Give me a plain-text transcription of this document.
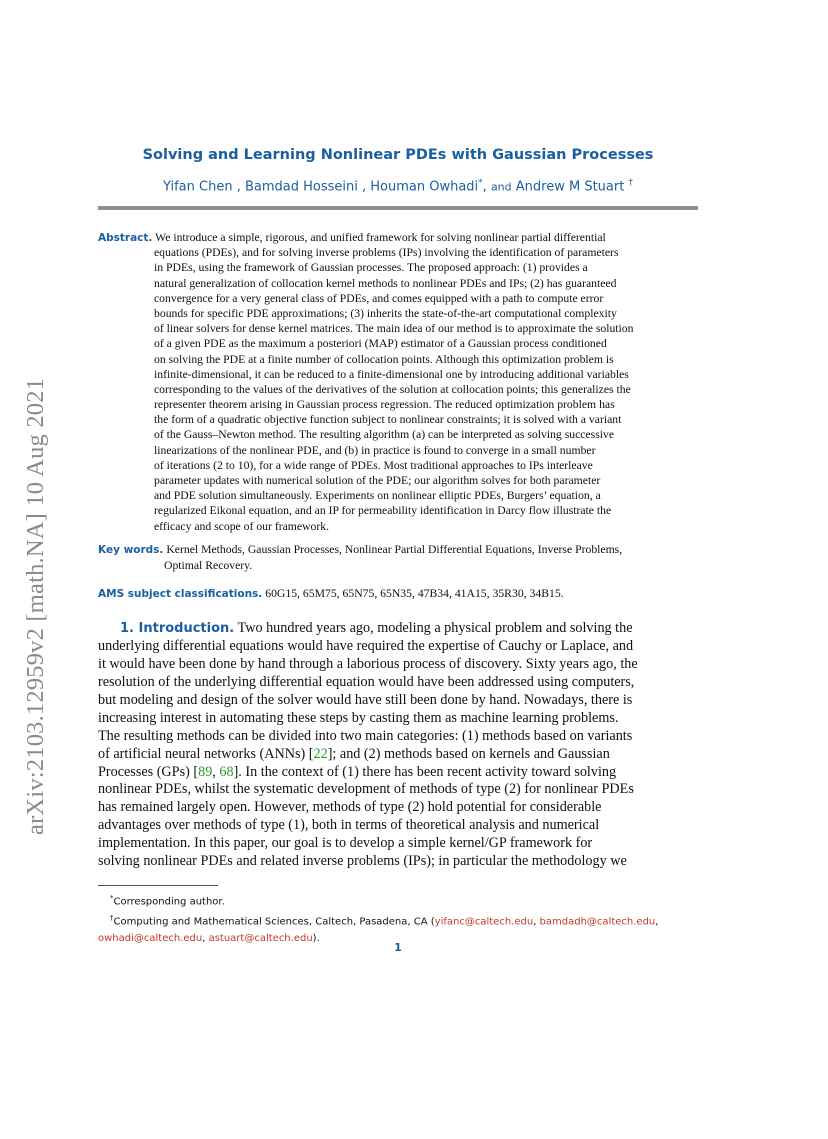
arXiv:2103.12959v2 [math.NA] 10 Aug 2021
Solving and Learning Nonlinear PDEs with Gaussian Processes
Yifan Chen , Bamdad Hosseini , Houman Owhadi*, and Andrew M Stuart †
Abstract. We introduce a simple, rigorous, and unified framework for solving nonlinear partial differential
equations (PDEs), and for solving inverse problems (IPs) involving the identification of parameters
in PDEs, using the framework of Gaussian processes. The proposed approach: (1) provides a
natural generalization of collocation kernel methods to nonlinear PDEs and IPs; (2) has guaranteed
convergence for a very general class of PDEs, and comes equipped with a path to compute error
bounds for specific PDE approximations; (3) inherits the state-of-the-art computational complexity
of linear solvers for dense kernel matrices. The main idea of our method is to approximate the solution
of a given PDE as the maximum a posteriori (MAP) estimator of a Gaussian process conditioned
on solving the PDE at a finite number of collocation points. Although this optimization problem is
infinite-dimensional, it can be reduced to a finite-dimensional one by introducing additional variables
corresponding to the values of the derivatives of the solution at collocation points; this generalizes the
representer theorem arising in Gaussian process regression. The reduced optimization problem has
the form of a quadratic objective function subject to nonlinear constraints; it is solved with a variant
of the Gauss–Newton method. The resulting algorithm (a) can be interpreted as solving successive
linearizations of the nonlinear PDE, and (b) in practice is found to converge in a small number
of iterations (2 to 10), for a wide range of PDEs. Most traditional approaches to IPs interleave
parameter updates with numerical solution of the PDE; our algorithm solves for both parameter
and PDE solution simultaneously. Experiments on nonlinear elliptic PDEs, Burgers’ equation, a
regularized Eikonal equation, and an IP for permeability identification in Darcy flow illustrate the
efficacy and scope of our framework.
Key words. Kernel Methods, Gaussian Processes, Nonlinear Partial Differential Equations, Inverse Problems,
Optimal Recovery.
AMS subject classifications. 60G15, 65M75, 65N75, 65N35, 47B34, 41A15, 35R30, 34B15.
1. Introduction. Two hundred years ago, modeling a physical problem and solving the
underlying differential equations would have required the expertise of Cauchy or Laplace, and
it would have been done by hand through a laborious process of discovery. Sixty years ago, the
resolution of the underlying differential equation would have been addressed using computers,
but modeling and design of the solver would have still been done by hand. Nowadays, there is
increasing interest in automating these steps by casting them as machine learning problems.
The resulting methods can be divided into two main categories: (1) methods based on variants
of artificial neural networks (ANNs) [22]; and (2) methods based on kernels and Gaussian
Processes (GPs) [89, 68]. In the context of (1) there has been recent activity toward solving
nonlinear PDEs, whilst the systematic development of methods of type (2) for nonlinear PDEs
has remained largely open. However, methods of type (2) hold potential for considerable
advantages over methods of type (1), both in terms of theoretical analysis and numerical
implementation. In this paper, our goal is to develop a simple kernel/GP framework for
solving nonlinear PDEs and related inverse problems (IPs); in particular the methodology we
*Corresponding author.
†Computing and Mathematical Sciences, Caltech, Pasadena, CA (yifanc@caltech.edu, bamdadh@caltech.edu,
owhadi@caltech.edu, astuart@caltech.edu).
1
